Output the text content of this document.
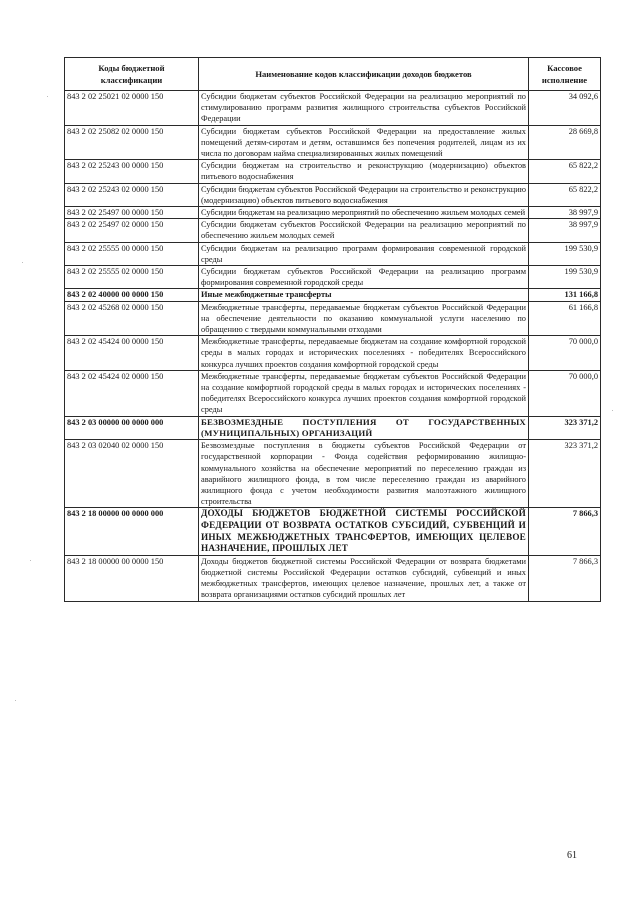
Коды бюджетной классификации	Наименование кодов классификации доходов бюджетов	Кассовое исполнение
843 2 02 25021 02 0000 150	Субсидии бюджетам субъектов Российской Федерации на реализацию мероприятий по стимулированию программ развития жилищного строительства субъектов Российской Федерации	34 092,6
843 2 02 25082 02 0000 150	Субсидии бюджетам субъектов Российской Федерации на предоставление жилых помещений детям-сиротам и детям, оставшимся без попечения родителей, лицам из их числа по договорам найма специализированных жилых помещений	28 669,8
843 2 02 25243 00 0000 150	Субсидии бюджетам на строительство и реконструкцию (модернизацию) объектов питьевого водоснабжения	65 822,2
843 2 02 25243 02 0000 150	Субсидии бюджетам субъектов Российской Федерации на строительство и реконструкцию (модернизацию) объектов питьевого водоснабжения	65 822,2
843 2 02 25497 00 0000 150	Субсидии бюджетам на реализацию мероприятий по обеспечению жильем молодых семей	38 997,9
843 2 02 25497 02 0000 150	Субсидии бюджетам субъектов Российской Федерации на реализацию мероприятий по обеспечению жильем молодых семей	38 997,9
843 2 02 25555 00 0000 150	Субсидии бюджетам на реализацию программ формирования современной городской среды	199 530,9
843 2 02 25555 02 0000 150	Субсидии бюджетам субъектов Российской Федерации на реализацию программ формирования современной городской среды	199 530,9
843 2 02 40000 00 0000 150	Иные межбюджетные трансферты	131 166,8
843 2 02 45268 02 0000 150	Межбюджетные трансферты, передаваемые бюджетам субъектов Российской Федерации на обеспечение деятельности по оказанию коммунальной услуги населению по обращению с твердыми коммунальными отходами	61 166,8
843 2 02 45424 00 0000 150	Межбюджетные трансферты, передаваемые бюджетам на создание комфортной городской среды в малых городах и исторических поселениях - победителях Всероссийского конкурса лучших проектов создания комфортной городской среды	70 000,0
843 2 02 45424 02 0000 150	Межбюджетные трансферты, передаваемые бюджетам субъектов Российской Федерации на создание комфортной городской среды в малых городах и исторических поселениях - победителях Всероссийского конкурса лучших проектов создания комфортной городской среды	70 000,0
843 2 03 00000 00 0000 000	БЕЗВОЗМЕЗДНЫЕ ПОСТУПЛЕНИЯ ОТ ГОСУДАРСТВЕННЫХ (МУНИЦИПАЛЬНЫХ) ОРГАНИЗАЦИЙ	323 371,2
843 2 03 02040 02 0000 150	Безвозмездные поступления в бюджеты субъектов Российской Федерации от государственной корпорации - Фонда содействия реформированию жилищно-коммунального хозяйства на обеспечение мероприятий по переселению граждан из аварийного жилищного фонда, в том числе переселению граждан из аварийного жилищного фонда с учетом необходимости развития малоэтажного жилищного строительства	323 371,2
843 2 18 00000 00 0000 000	ДОХОДЫ БЮДЖЕТОВ БЮДЖЕТНОЙ СИСТЕМЫ РОССИЙСКОЙ ФЕДЕРАЦИИ ОТ ВОЗВРАТА ОСТАТКОВ СУБСИДИЙ, СУБВЕНЦИЙ И ИНЫХ МЕЖБЮДЖЕТНЫХ ТРАНСФЕРТОВ, ИМЕЮЩИХ ЦЕЛЕВОЕ НАЗНАЧЕНИЕ, ПРОШЛЫХ ЛЕТ	7 866,3
843 2 18 00000 00 0000 150	Доходы бюджетов бюджетной системы Российской Федерации от возврата бюджетами бюджетной системы Российской Федерации остатков субсидий, субвенций и иных межбюджетных трансфертов, имеющих целевое назначение, прошлых лет, а также от возврата организациями остатков субсидий прошлых лет	7 866,3
61
